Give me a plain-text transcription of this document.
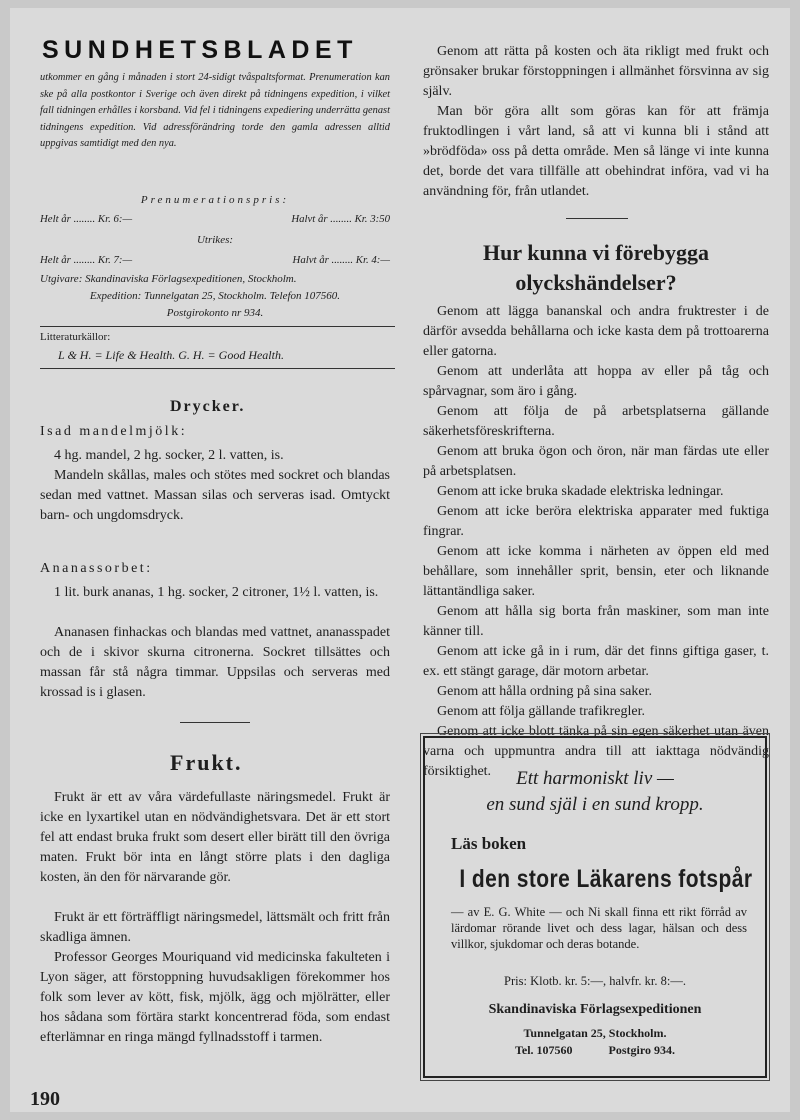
SUNDHETSBLADET

utkommer en gång i månaden i stort 24-sidigt tvåspaltsformat. Prenumeration kan ske på alla postkontor i Sverige och även direkt på tidningens expedition, i vilket fall tidningen erhålles i korsband. Vid fel i tidningens expediering underrätta genast tidningens expedition. Vid adressförändring torde den gamla adressen alltid uppgivas samtidigt med den nya.

Prenumerationspris:
Helt år ........ Kr. 6:—	Halvt år ........ Kr. 3:50
Utrikes:
Helt år ........ Kr. 7:—	Halvt år ........ Kr. 4:—
Utgivare: Skandinaviska Förlagsexpeditionen, Stockholm.
Expedition: Tunnelgatan 25, Stockholm. Telefon 107560.
Postgirokonto nr 934.
Litteraturkällor:
L & H. = Life & Health. G. H. = Good Health.
Drycker.
Isad mandelmjölk:

4 hg. mandel, 2 hg. socker, 2 l. vatten, is.

Mandeln skållas, males och stötes med sockret och blandas sedan med vattnet. Massan silas och serveras isad. Omtyckt barn- och ungdomsdryck.

Ananassorbet:

1 lit. burk ananas, 1 hg. socker, 2 citroner, 1½ l. vatten, is.

Ananasen finhackas och blandas med vattnet, ananasspadet och de i skivor skurna citronerna. Sockret tillsättes och massan får stå några timmar. Uppsilas och serveras med krossad is i glasen.

Frukt.

Frukt är ett av våra värdefullaste näringsmedel. Frukt är icke en lyxartikel utan en nödvändighetsvara. Det är ett stort fel att endast bruka frukt som desert eller birätt till den övriga maten. Frukt bör inta en långt större plats i den dagliga kosten, än den för närvarande gör.

Frukt är ett förträffligt näringsmedel, lättsmält och fritt från skadliga ämnen.

Professor Georges Mouriquand vid medicinska fakulteten i Lyon säger, att förstoppning huvudsakligen förekommer hos folk som lever av kött, fisk, mjölk, ägg och mjölrätter, eller hos sådana som förtära starkt koncentrerad föda, som endast efterlämnar en ringa mängd fyllnadsstoff i tarmen.

190

Genom att rätta på kosten och äta rikligt med frukt och grönsaker brukar förstoppningen i allmänhet försvinna av sig själv.

Man bör göra allt som göras kan för att främja fruktodlingen i vårt land, så att vi kunna bli i stånd att »brödföda» oss på detta område. Men så länge vi inte kunna det, borde det vara tillfälle att obehindrat införa, vad vi ha användning för, från utlandet.

Hur kunna vi förebygga
olyckshändelser?

Genom att lägga bananskal och andra fruktrester i de därför avsedda behållarna och icke kasta dem på trottoarerna eller gatorna.

Genom att underlåta att hoppa av eller på tåg och spårvagnar, som äro i gång.

Genom att följa de på arbetsplatserna gällande säkerhetsföreskrifterna.

Genom att bruka ögon och öron, när man färdas ute eller på arbetsplatsen.

Genom att icke bruka skadade elektriska ledningar.

Genom att icke beröra elektriska apparater med fuktiga fingrar.

Genom att icke komma i närheten av öppen eld med behållare, som innehåller sprit, bensin, eter och liknande lättantändliga saker.

Genom att hålla sig borta från maskiner, som man inte känner till.

Genom att icke gå in i rum, där det finns giftiga gaser, t. ex. ett stängt garage, där motorn arbetar.

Genom att hålla ordning på sina saker.

Genom att följa gällande trafikregler.

Genom att icke blott tänka på sin egen säkerhet utan även varna och uppmuntra andra till att iakttaga nödvändig försiktighet.	Ett harmoniskt liv —
en sund själ i en sund kropp.
Läs boken
I den store Läkarens fotspår

— av E. G. White — och Ni skall finna ett rikt förråd av lärdomar rörande livet och dess lagar, hälsan och dess villkor, sjukdomar och deras botande.

Pris: Klotb. kr. 5:—, halvfr. kr. 8:—.
Skandinaviska Förlagsexpeditionen
Tunnelgatan 25, Stockholm.
Tel. 107560	Postgiro 934.
